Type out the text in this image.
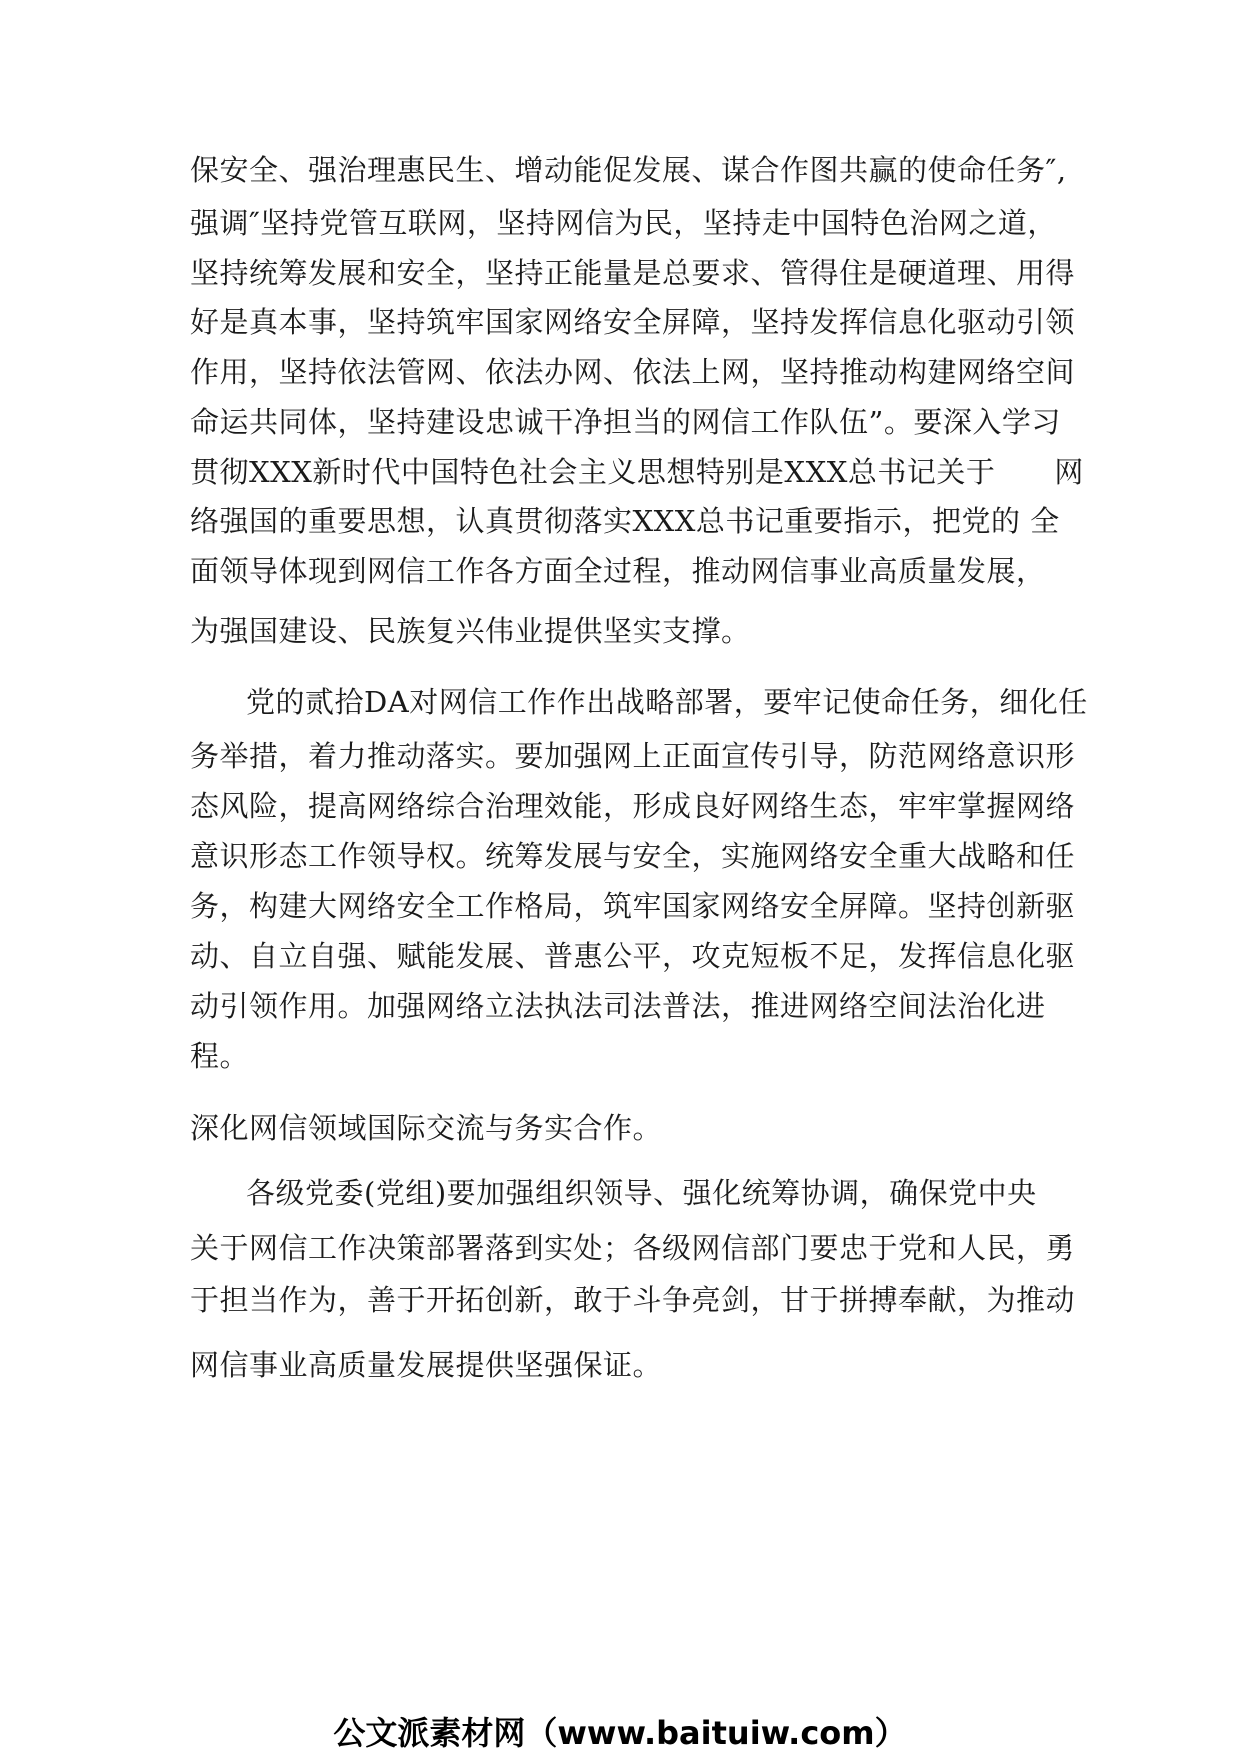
保安全、强治理惠民生、增动能促发展、谋合作图共赢的使命任务″,
强调″坚持党管互联网，坚持网信为民，坚持走中国特色治网之道，
坚持统筹发展和安全，坚持正能量是总要求、管得住是硬道理、用得
好是真本事，坚持筑牢国家网络安全屏障，坚持发挥信息化驱动引领
作用，坚持依法管网、依法办网、依法上网，坚持推动构建网络空间
命运共同体，坚持建设忠诚干净担当的网信工作队伍”。要深入学习
贯彻XXX新时代中国特色社会主义思想特别是XXX总书记关于　　网
络强国的重要思想，认真贯彻落实XXX总书记重要指示，把党的 全
面领导体现到网信工作各方面全过程，推动网信事业高质量发展，
为强国建设、民族复兴伟业提供坚实支撑。
党的贰拾DA对网信工作作出战略部署，要牢记使命任务，细化任
务举措，着力推动落实。要加强网上正面宣传引导，防范网络意识形
态风险，提高网络综合治理效能，形成良好网络生态，牢牢掌握网络
意识形态工作领导权。统筹发展与安全，实施网络安全重大战略和任
务，构建大网络安全工作格局，筑牢国家网络安全屏障。坚持创新驱
动、自立自强、赋能发展、普惠公平，攻克短板不足，发挥信息化驱
动引领作用。加强网络立法执法司法普法，推进网络空间法治化进
程。
深化网信领域国际交流与务实合作。
各级党委(党组)要加强组织领导、强化统筹协调，确保党中央
关于网信工作决策部署落到实处；各级网信部门要忠于党和人民，勇
于担当作为，善于开拓创新，敢于斗争亮剑，甘于拼搏奉献，为推动
网信事业高质量发展提供坚强保证。
公文派素材网（www.baituiw.com）
